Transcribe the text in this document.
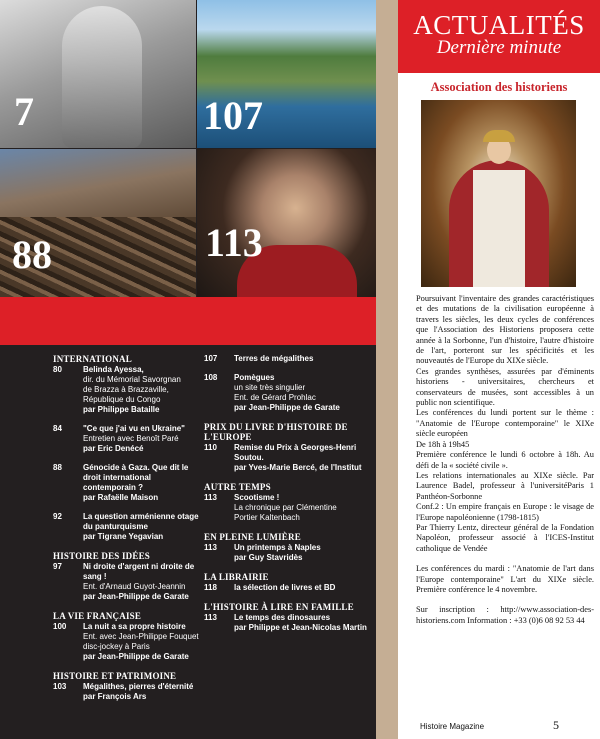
7	107
88	113
INTERNATIONAL
80	Belinda Ayessa,
dir. du Mémorial Savorgnan
de Brazza à Brazzaville,
République du Congo
par Philippe Bataille
84	"Ce que j'ai vu en Ukraine"
Entretien avec Benoît Paré
par Eric Denécé
88	Génocide à Gaza. Que dit le droit international contemporain ?
par Rafaëlle Maison
92	La question arménienne otage du panturquisme
par Tigrane Yegavian
HISTOIRE DES IDÉES
97	Ni droite d'argent ni droite de sang !
Ent. d'Arnaud Guyot-Jeannin
par Jean-Philippe de Garate
LA VIE FRANÇAISE
100	La nuit a sa propre histoire
Ent. avec Jean-Philippe Fouquet
disc-jockey à Paris
par Jean-Philippe de Garate
HISTOIRE ET PATRIMOINE
103	Mégalithes, pierres d'éternité
par François Ars
107	Terres de mégalithes
108	Pomègues
un site très singulier
Ent. de Gérard Prohlac
par Jean-Philippe de Garate
PRIX DU LIVRE D'HISTOIRE DE L'EUROPE
110	Remise du Prix à Georges-Henri Soutou.
par Yves-Marie Bercé, de l'Institut
AUTRE TEMPS
113	Scootisme !
La chronique par Clémentine
Portier Kaltenbach
EN PLEINE LUMIÈRE
113	Un printemps à Naples
par Guy Stavridès
LA LIBRAIRIE
118	la sélection de livres et BD
L'HISTOIRE À LIRE EN FAMILLE
113	Le temps des dinosaures
par Philippe et Jean-Nicolas Martin
ACTUALITÉS
Dernière minute
Association des historiens

Poursuivant l'inventaire des grandes caractéristiques et des mutations de la civilisation européenne à travers les siècles, les deux cycles de conférences que l'Association des Historiens proposera cette année à la Sorbonne, l'un d'histoire, l'autre d'histoire de l'art, porteront sur les spécificités et les nouveautés de l'Europe du XIXe siècle.

Ces grandes synthèses, assurées par d'éminents historiens - universitaires, chercheurs et conservateurs de musées, sont accessibles à un public non scientifique.

Les conférences du lundi portent sur le thème : "Anatomie de l'Europe contemporaine" le XIXe siècle européen

De 18h à 19h45

Première conférence le lundi 6 octobre à 18h. Au défi de la « société civile ».

Les relations internationales au XIXe siècle. Par Laurence Badel, professeur à l'universitéParis 1 Panthéon-Sorbonne

Conf.2 : Un empire français en Europe : le visage de l'Europe napoléonienne (1798-1815)

Par Thierry Lentz, directeur général de la Fondation Napoléon, professeur associé à l'ICES-Institut catholique de Vendée

Les conférences du mardi : "Anatomie de l'art dans l'Europe contemporaine" L'art du XIXe siècle. Première conférence le 4 novembre.

Sur inscription : http://www.association-des-historiens.com Information : +33 (0)6 08 92 53 44

Histoire Magazine	5
